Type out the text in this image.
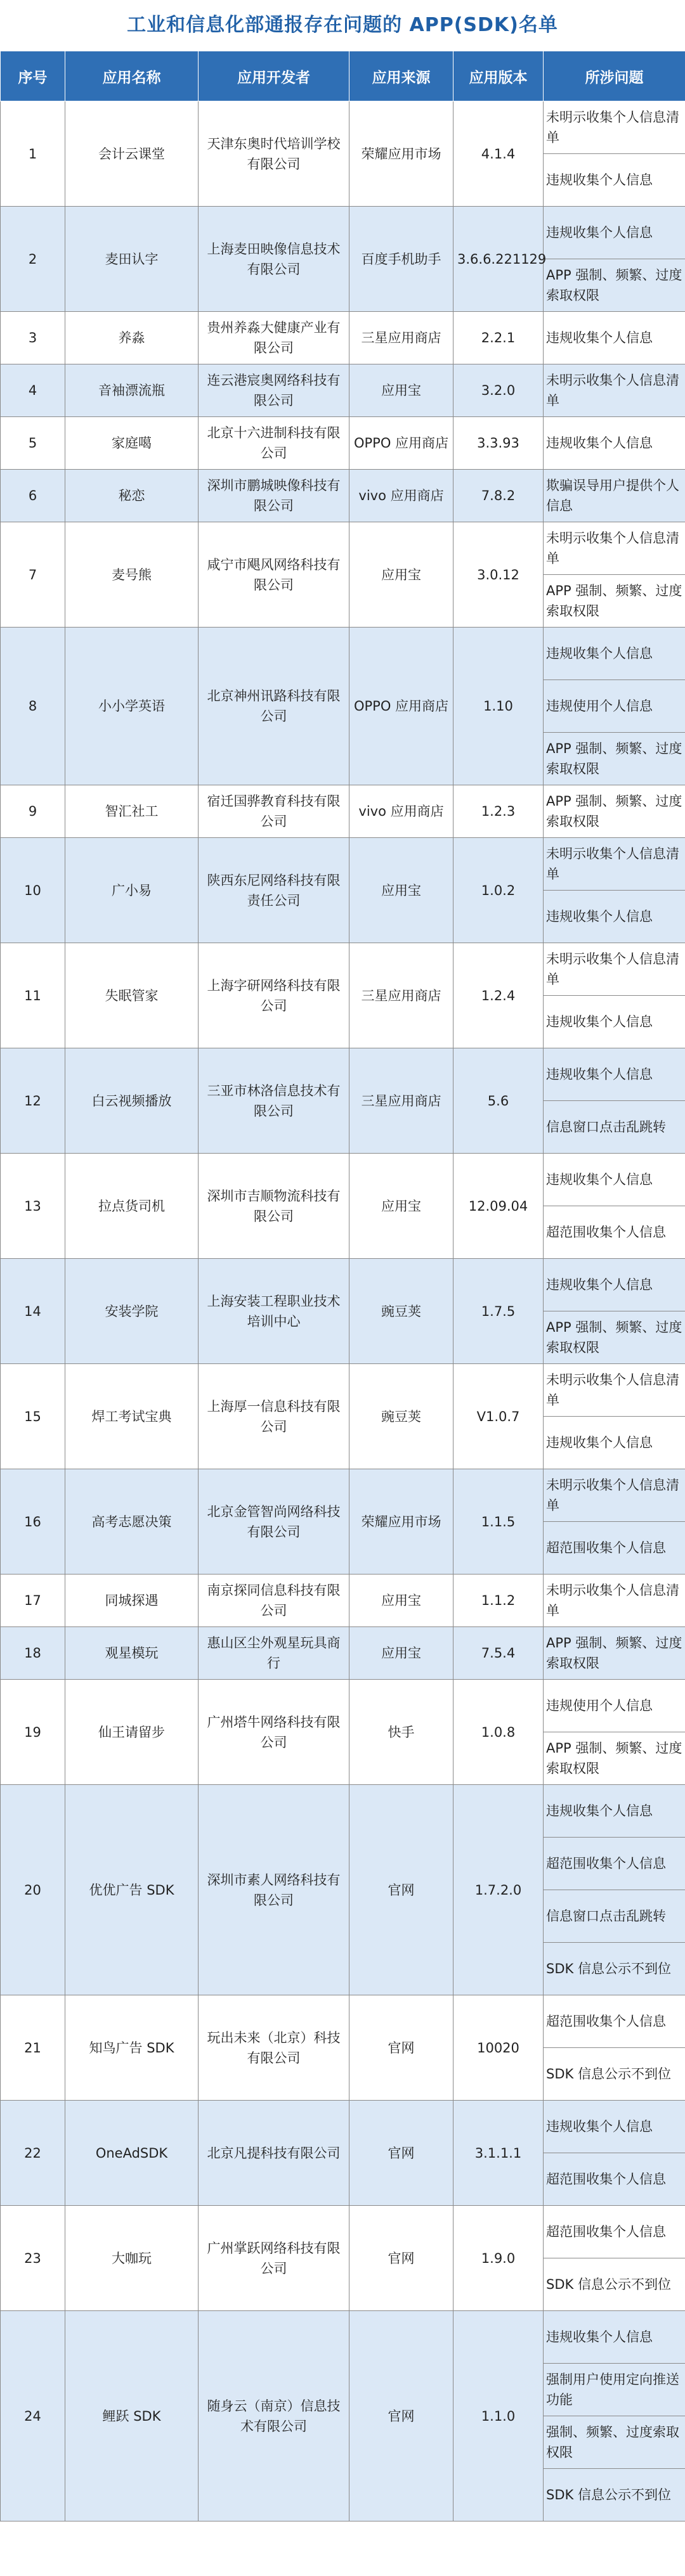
工业和信息化部通报存在问题的 APP(SDK)名单
序号	应用名称	应用开发者	应用来源	应用版本	所涉问题
1	会计云课堂	天津东奥时代培训学校有限公司	荣耀应用市场	4.1.4	未明示收集个人信息清单
					违规收集个人信息
2	麦田认字	上海麦田映像信息技术有限公司	百度手机助手	3.6.6.221129	违规收集个人信息
					APP 强制、频繁、过度索取权限
3	养淼	贵州养淼大健康产业有限公司	三星应用商店	2.2.1	违规收集个人信息
4	音袖漂流瓶	连云港宸奥网络科技有限公司	应用宝	3.2.0	未明示收集个人信息清单
5	家庭噶	北京十六进制科技有限公司	OPPO 应用商店	3.3.93	违规收集个人信息
6	秘恋	深圳市鹏城映像科技有限公司	vivo 应用商店	7.8.2	欺骗误导用户提供个人信息
7	麦号熊	咸宁市飓风网络科技有限公司	应用宝	3.0.12	未明示收集个人信息清单
					APP 强制、频繁、过度索取权限
8	小小学英语	北京神州讯路科技有限公司	OPPO 应用商店	1.10	违规收集个人信息
					违规使用个人信息
					APP 强制、频繁、过度索取权限
9	智汇社工	宿迁国骅教育科技有限公司	vivo 应用商店	1.2.3	APP 强制、频繁、过度索取权限
10	广小易	陕西东尼网络科技有限责任公司	应用宝	1.0.2	未明示收集个人信息清单
					违规收集个人信息
11	失眠管家	上海字研网络科技有限公司	三星应用商店	1.2.4	未明示收集个人信息清单
					违规收集个人信息
12	白云视频播放	三亚市林洛信息技术有限公司	三星应用商店	5.6	违规收集个人信息
					信息窗口点击乱跳转
13	拉点货司机	深圳市吉顺物流科技有限公司	应用宝	12.09.04	违规收集个人信息
					超范围收集个人信息
14	安装学院	上海安装工程职业技术培训中心	豌豆荚	1.7.5	违规收集个人信息
					APP 强制、频繁、过度索取权限
15	焊工考试宝典	上海厚一信息科技有限公司	豌豆荚	V1.0.7	未明示收集个人信息清单
					违规收集个人信息
16	高考志愿决策	北京金管智尚网络科技有限公司	荣耀应用市场	1.1.5	未明示收集个人信息清单
					超范围收集个人信息
17	同城探遇	南京探同信息科技有限公司	应用宝	1.1.2	未明示收集个人信息清单
18	观星模玩	惠山区尘外观星玩具商行	应用宝	7.5.4	APP 强制、频繁、过度索取权限
19	仙王请留步	广州塔牛网络科技有限公司	快手	1.0.8	违规使用个人信息
					APP 强制、频繁、过度索取权限
20	优优广告 SDK	深圳市素人网络科技有限公司	官网	1.7.2.0	违规收集个人信息
					超范围收集个人信息
					信息窗口点击乱跳转
					SDK 信息公示不到位
21	知鸟广告 SDK	玩出未来（北京）科技有限公司	官网	10020	超范围收集个人信息
					SDK 信息公示不到位
22	OneAdSDK	北京凡提科技有限公司	官网	3.1.1.1	违规收集个人信息
					超范围收集个人信息
23	大咖玩	广州掌跃网络科技有限公司	官网	1.9.0	超范围收集个人信息
					SDK 信息公示不到位
24	鲤跃 SDK	随身云（南京）信息技术有限公司	官网	1.1.0	违规收集个人信息
					强制用户使用定向推送功能
					强制、频繁、过度索取权限
					SDK 信息公示不到位
